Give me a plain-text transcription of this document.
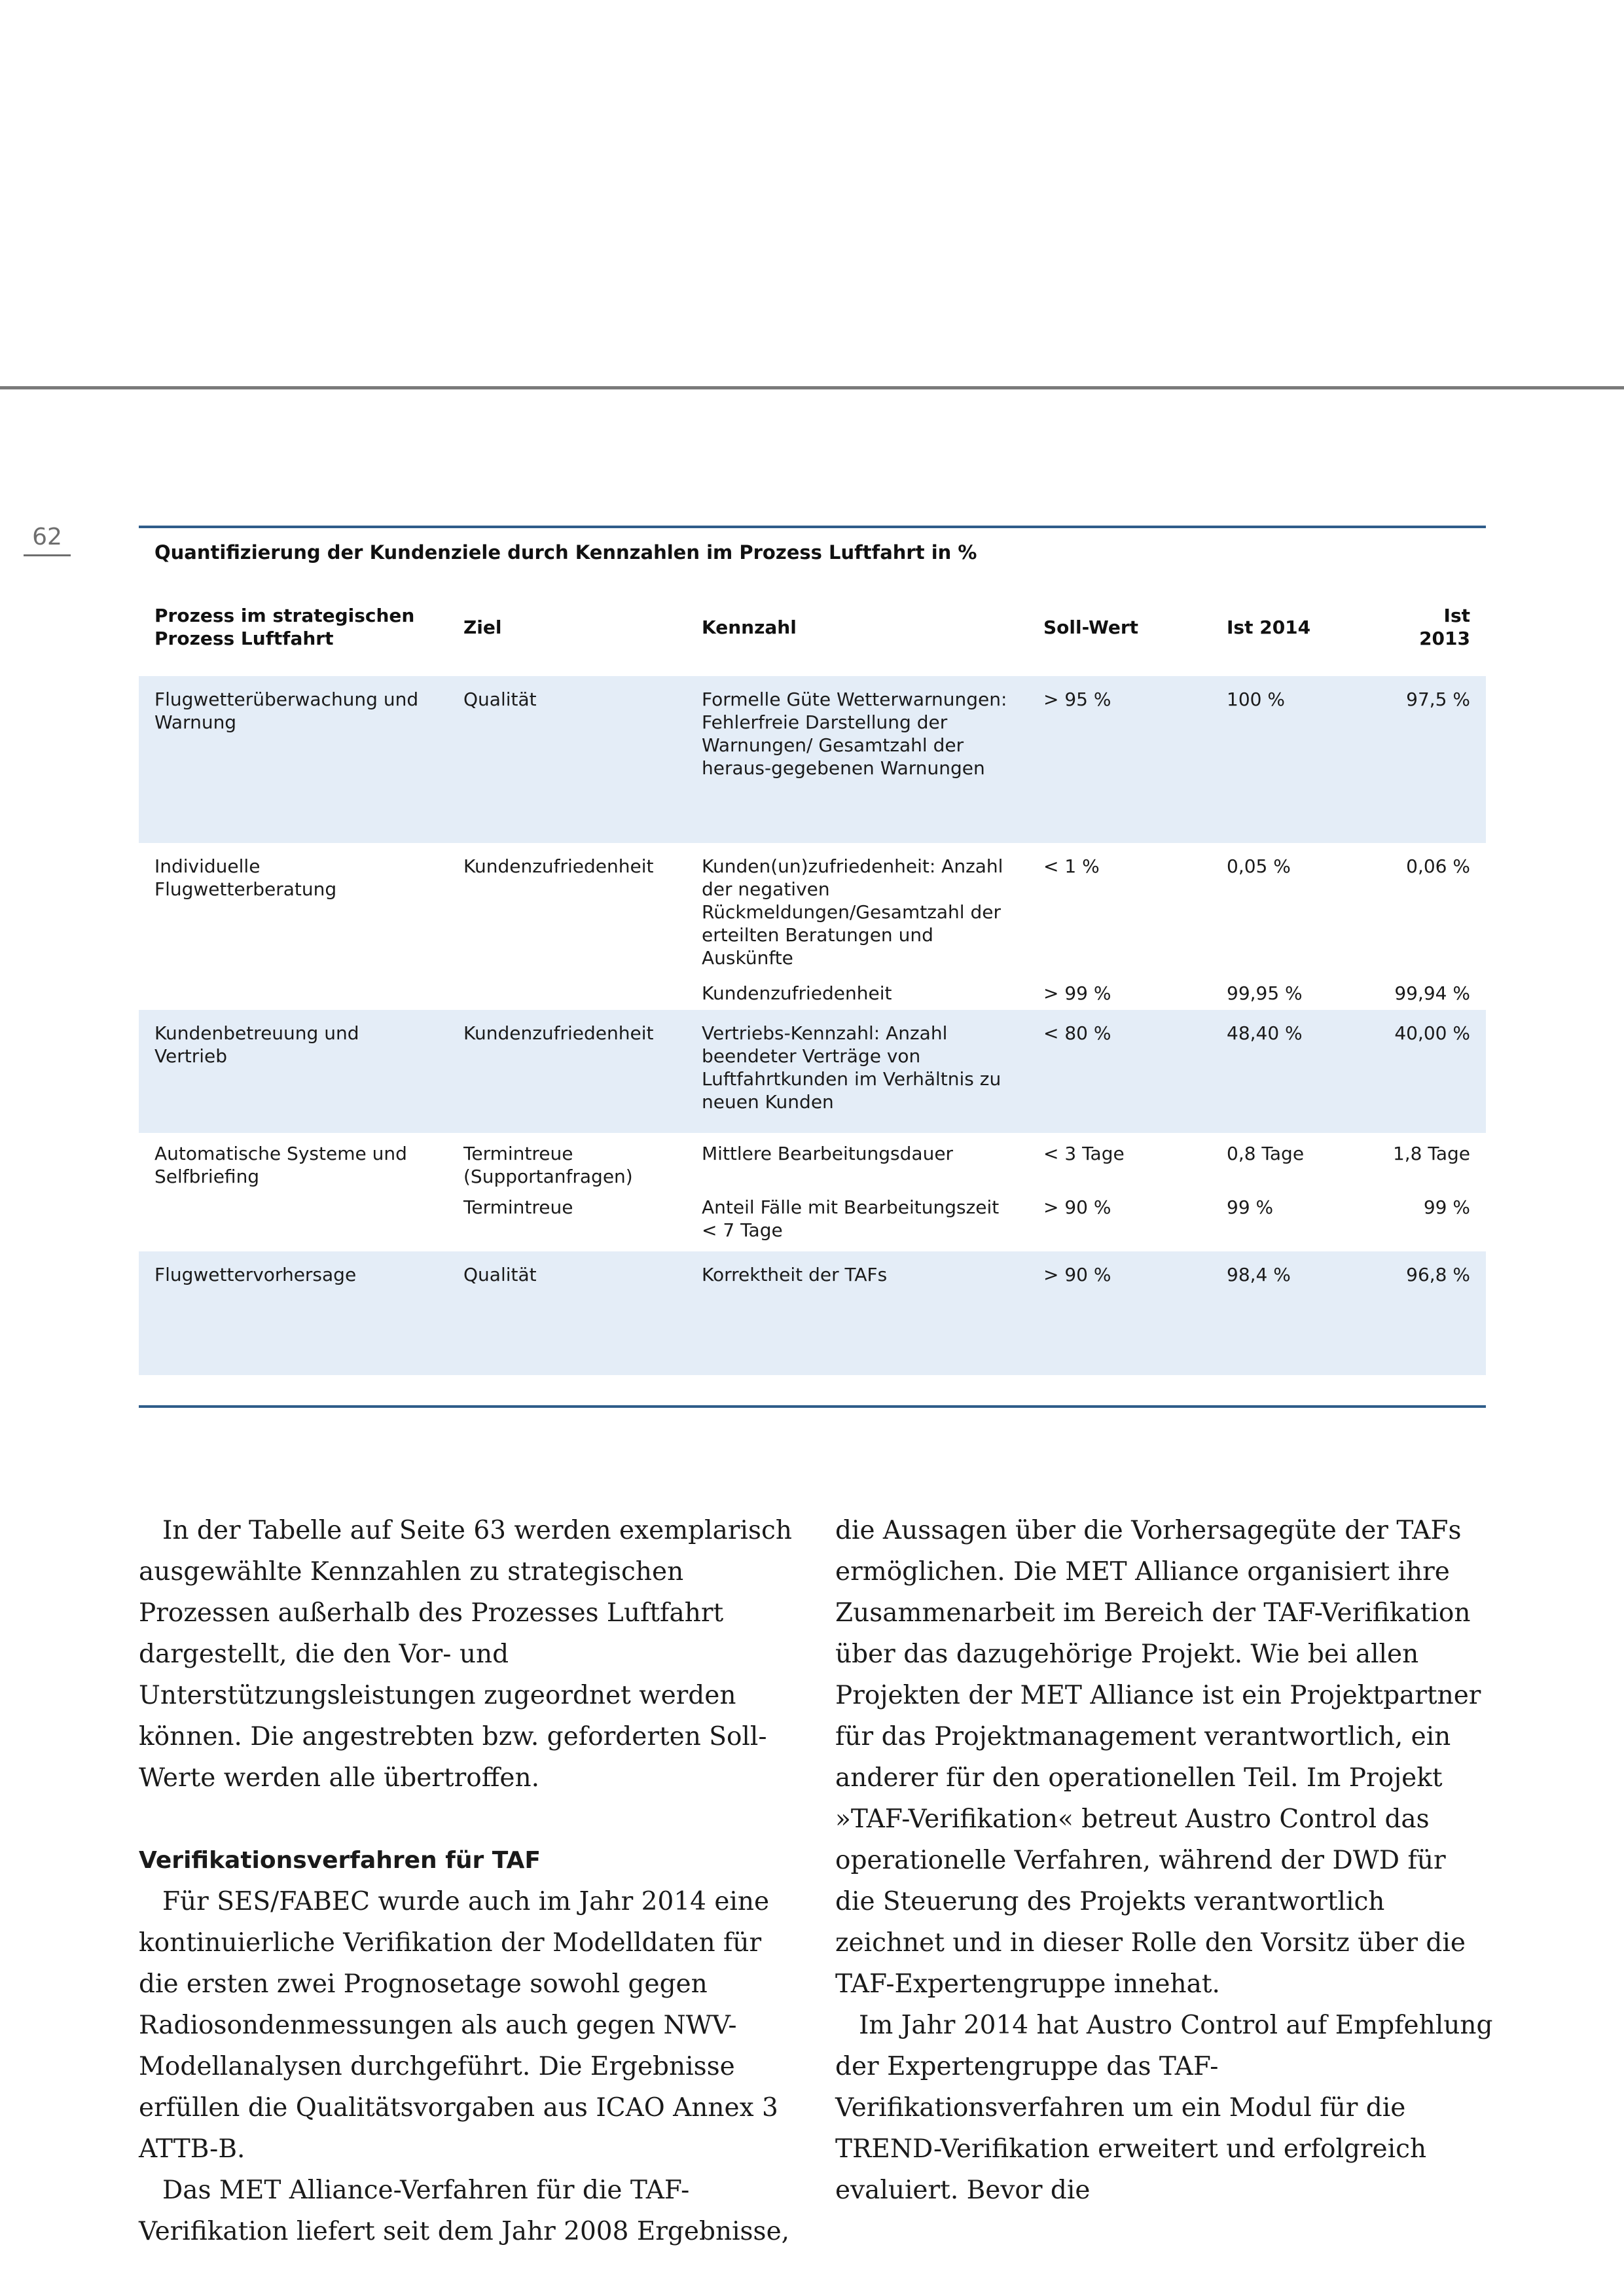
62
Quantifizierung der Kundenziele durch Kennzahlen im Prozess Luftfahrt in %
Prozess im strategischen Prozess Luftfahrt	Ziel	Kennzahl	Soll-Wert	Ist 2014	Ist 2013
Flugwetterüberwachung und Warnung	Qualität	Formelle Güte Wetterwarnungen: Fehlerfreie Darstellung der Warnungen/ Gesamtzahl der heraus-gegebenen Warnungen	> 95 %	100 %	97,5 %
Individuelle Flugwetterberatung	Kundenzufriedenheit	Kunden(un)zufriedenheit: Anzahl der negativen Rückmeldungen/Gesamtzahl der erteilten Beratungen und Auskünfte	< 1 %	0,05 %	0,06 %
		Kundenzufriedenheit	> 99 %	99,95 %	99,94 %
Kundenbetreuung und Vertrieb	Kundenzufriedenheit	Vertriebs-Kennzahl: Anzahl beendeter Verträge von Luftfahrtkunden im Verhältnis zu neuen Kunden	< 80 %	48,40 %	40,00 %
Automatische Systeme und Selfbriefing	Termintreue (Supportanfragen)	Mittlere Bearbeitungsdauer	< 3 Tage	0,8 Tage	1,8 Tage
	Termintreue	Anteil Fälle mit Bearbeitungszeit < 7 Tage	> 90 %	99 %	99 %
Flugwettervorhersage	Qualität	Korrektheit der TAFs	> 90 %	98,4 %	96,8 %

In der Tabelle auf Seite 63 werden exemplarisch ausgewählte Kennzahlen zu strategischen Prozessen außerhalb des Prozesses Luftfahrt dargestellt, die den Vor- und Unterstützungsleistungen zugeordnet werden können. Die angestrebten bzw. geforderten Soll-Werte werden alle übertroffen.

Verifikationsverfahren für TAF

Für SES/FABEC wurde auch im Jahr 2014 eine kontinuierliche Verifikation der Modelldaten für die ersten zwei Prognosetage sowohl gegen Radiosondenmessungen als auch gegen NWV-Modellanalysen durchgeführt. Die Ergebnisse erfüllen die Qualitätsvorgaben aus ICAO Annex 3 ATTB-B.

Das MET Alliance-Verfahren für die TAF-Verifikation liefert seit dem Jahr 2008 Ergebnisse,

die Aussagen über die Vorhersagegüte der TAFs ermöglichen. Die MET Alliance organisiert ihre Zusammenarbeit im Bereich der TAF-Verifikation über das dazugehörige Projekt. Wie bei allen Projekten der MET Alliance ist ein Projektpartner für das Projektmanagement verantwortlich, ein anderer für den operationellen Teil. Im Projekt »TAF-Verifikation« betreut Austro Control das operationelle Verfahren, während der DWD für die Steuerung des Projekts verantwortlich zeichnet und in dieser Rolle den Vorsitz über die TAF-Expertengruppe innehat.

Im Jahr 2014 hat Austro Control auf Empfehlung der Expertengruppe das TAF-Verifikationsverfahren um ein Modul für die TREND-Verifikation erweitert und erfolgreich evaluiert. Bevor die
